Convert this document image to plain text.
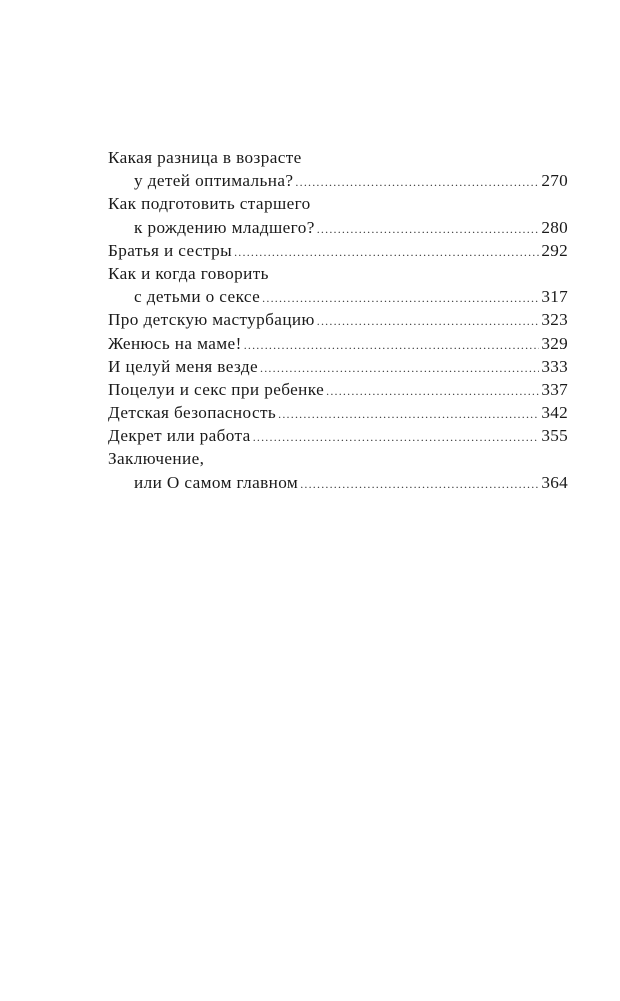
Какая разница в возрасте
у детей оптимальна? .....	270
Как подготовить старшего
к рождению младшего? .....	280
Братья и сестры .....	292
Как и когда говорить
с детьми о сексе .....	317
Про детскую мастурбацию .....	323
Женюсь на маме! .....	329
И целуй меня везде .....	333
Поцелуи и секс при ребенке .....	337
Детская безопасность .....	342
Декрет или работа .....	355
Заключение,
или О самом главном .....	364
